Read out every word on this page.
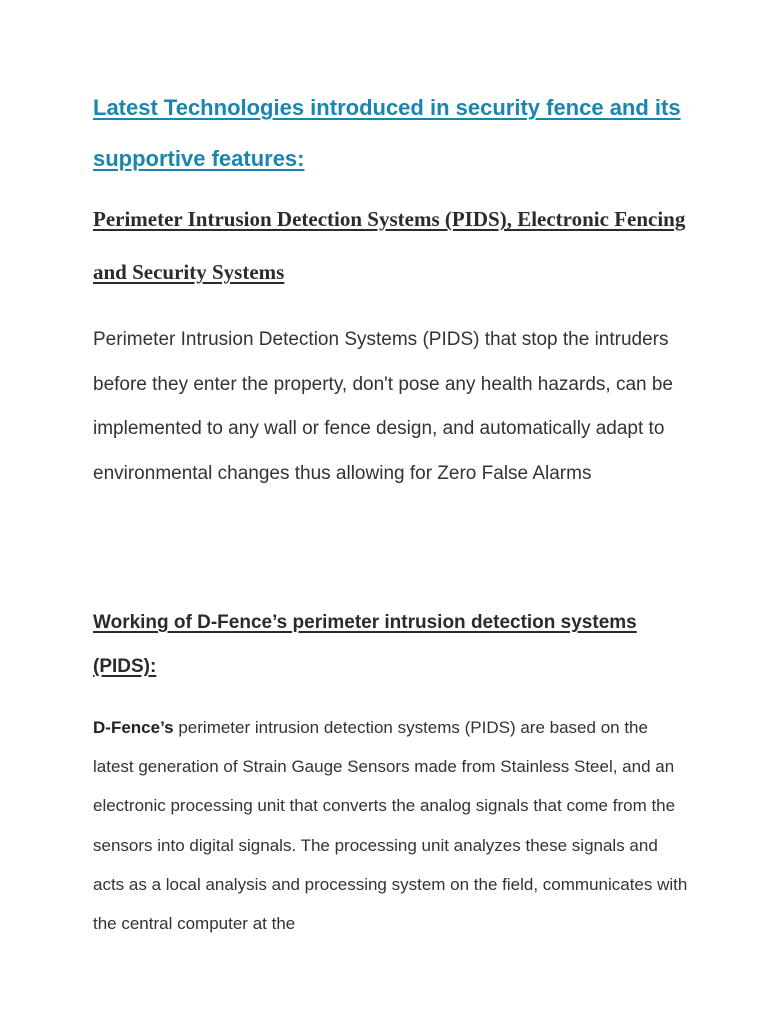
Latest Technologies introduced in security fence and its supportive features:
Perimeter Intrusion Detection Systems (PIDS), Electronic Fencing and Security Systems

Perimeter Intrusion Detection Systems (PIDS) that stop the intruders before they enter the property, don't pose any health hazards, can be implemented to any wall or fence design, and automatically adapt to environmental changes thus allowing for Zero False Alarms

Working of D-Fence’s perimeter intrusion detection systems (PIDS):

D-Fence’s perimeter intrusion detection systems (PIDS) are based on the latest generation of Strain Gauge Sensors made from Stainless Steel, and an electronic processing unit that converts the analog signals that come from the sensors into digital signals. The processing unit analyzes these signals and acts as a local analysis and processing system on the field, communicates with the central computer at the
